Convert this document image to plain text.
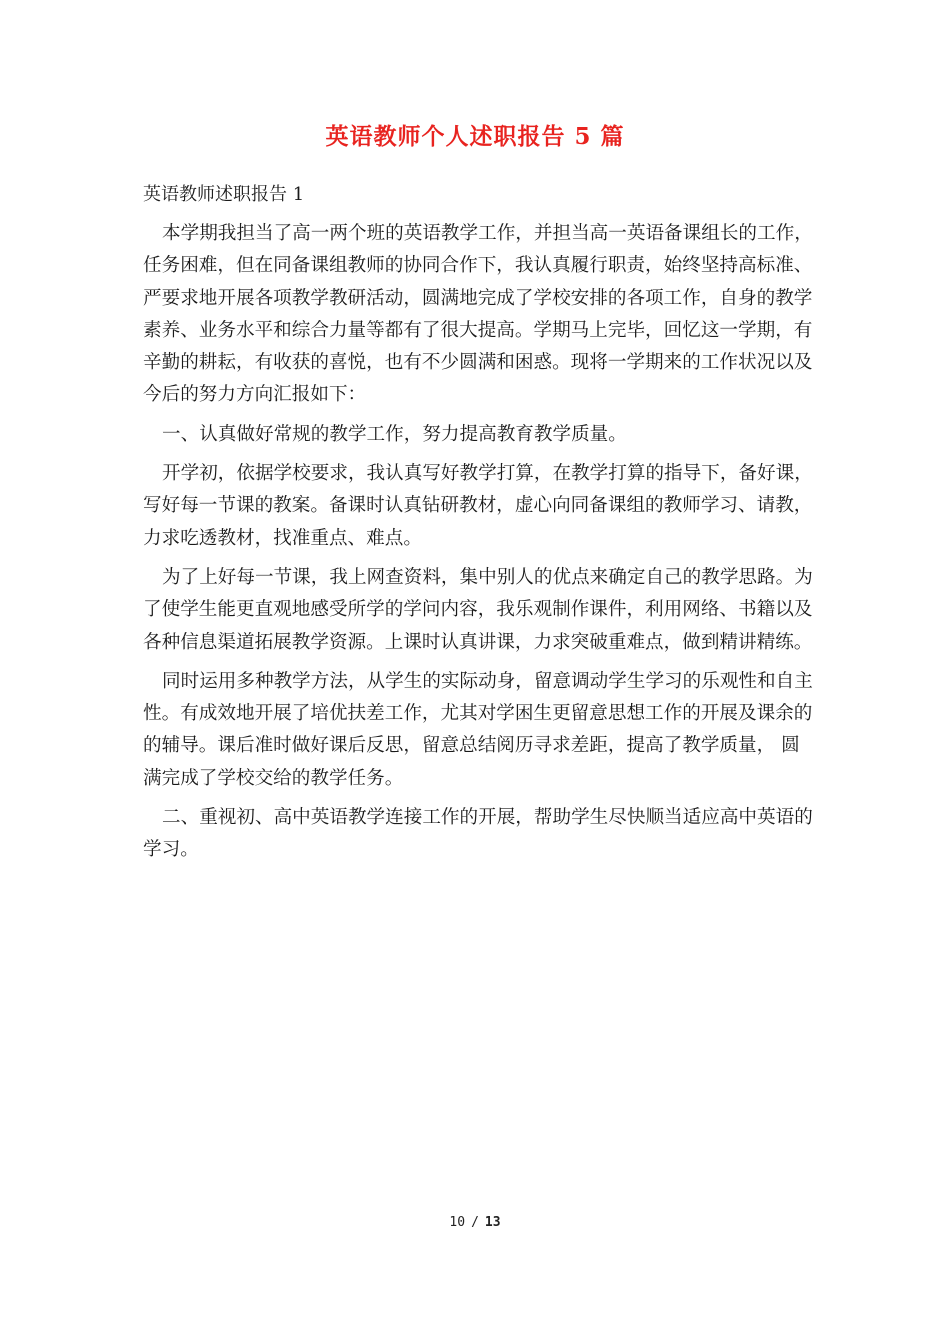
英语教师个人述职报告 5 篇
英语教师述职报告 1

本学期我担当了高一两个班的英语教学工作，并担当高一英语备课组长的工作，任务困难，但在同备课组教师的协同合作下，我认真履行职责，始终坚持高标准、严要求地开展各项教学教研活动，圆满地完成了学校安排的各项工作，自身的教学素养、业务水平和综合力量等都有了很大提高。学期马上完毕，回忆这一学期，有辛勤的耕耘，有收获的喜悦，也有不少圆满和困惑。现将一学期来的工作状况以及今后的努力方向汇报如下：

一、认真做好常规的教学工作，努力提高教育教学质量。

开学初，依据学校要求，我认真写好教学打算，在教学打算的指导下，备好课，写好每一节课的教案。备课时认真钻研教材，虚心向同备课组的教师学习、请教，力求吃透教材，找准重点、难点。

为了上好每一节课，我上网查资料，集中别人的优点来确定自己的教学思路。为了使学生能更直观地感受所学的学问内容，我乐观制作课件，利用网络、书籍以及各种信息渠道拓展教学资源。上课时认真讲课，力求突破重难点，做到精讲精练。

同时运用多种教学方法，从学生的实际动身，留意调动学生学习的乐观性和自主性。有成效地开展了培优扶差工作，尤其对学困生更留意思想工作的开展及课余的的辅导。课后准时做好课后反思，留意总结阅历寻求差距，提高了教学质量， 圆满完成了学校交给的教学任务。

二、重视初、高中英语教学连接工作的开展，帮助学生尽快顺当适应高中英语的学习。

10 / 13
